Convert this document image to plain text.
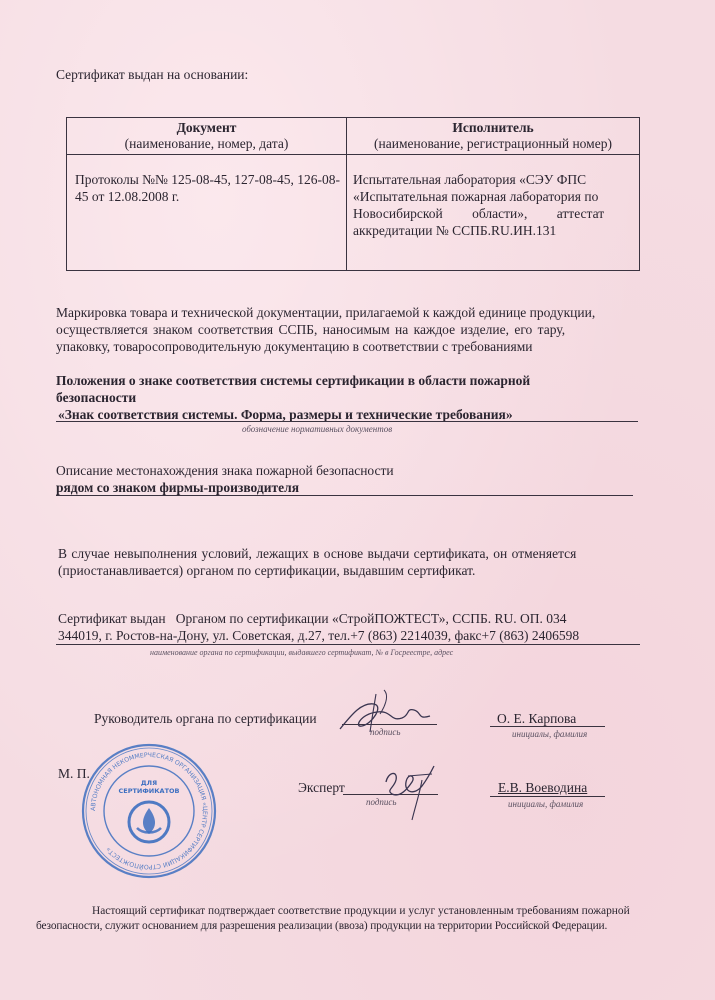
Сертификат выдан на основании:
Документ
(наименование, номер, дата)
Исполнитель
(наименование, регистрационный номер)
Протоколы №№ 125-08-45, 127-08-45, 126-08-45 от 12.08.2008 г.
Испытательная лаборатория «СЭУ ФПС
«Испытательная пожарная лаборатория по
Новосибирской области», аттестат
аккредитации № ССПБ.RU.ИН.131
Маркировка товара и технической документации, прилагаемой к каждой единице продукции,
осуществляется знаком соответствия ССПБ, наносимым на каждое изделие, его тару,
упаковку, товаросопроводительную документацию в соответствии с требованиями
Положения о знаке соответствия системы сертификации в области пожарной
безопасности
«Знак соответствия системы. Форма, размеры и технические требования»
обозначение нормативных документов
Описание местонахождения знака пожарной безопасности
рядом со знаком фирмы-производителя
В случае невыполнения условий, лежащих в основе выдачи сертификата, он отменяется
(приостанавливается) органом по сертификации, выдавшим сертификат.
Сертификат выдан   Органом по сертификации «СтройПОЖТЕСТ», ССПБ. RU. ОП. 034
344019, г. Ростов-на-Дону, ул. Советская, д.27, тел.+7 (863) 2214039, факс+7 (863) 2406598
наименование органа по сертификации, выдавшего сертификат, № в Госреестре, адрес
Руководитель органа по сертификации
подпись
О. Е. Карпова
инициалы, фамилия
М. П.
АВТОНОМНАЯ НЕКОММЕРЧЕСКАЯ ОРГАНИЗАЦИЯ «ЦЕНТР СЕРТИФИКАЦИИ СТРОЙПОЖТЕСТ»
ДЛЯ
СЕРТИФИКАТОВ	Эксперт
подпись
Е.В. Воеводина
инициалы, фамилия
Настоящий сертификат подтверждает соответствие продукции и услуг установленным требованиям пожарной
безопасности, служит основанием для разрешения реализации (ввоза) продукции на территории Российской Федерации.
